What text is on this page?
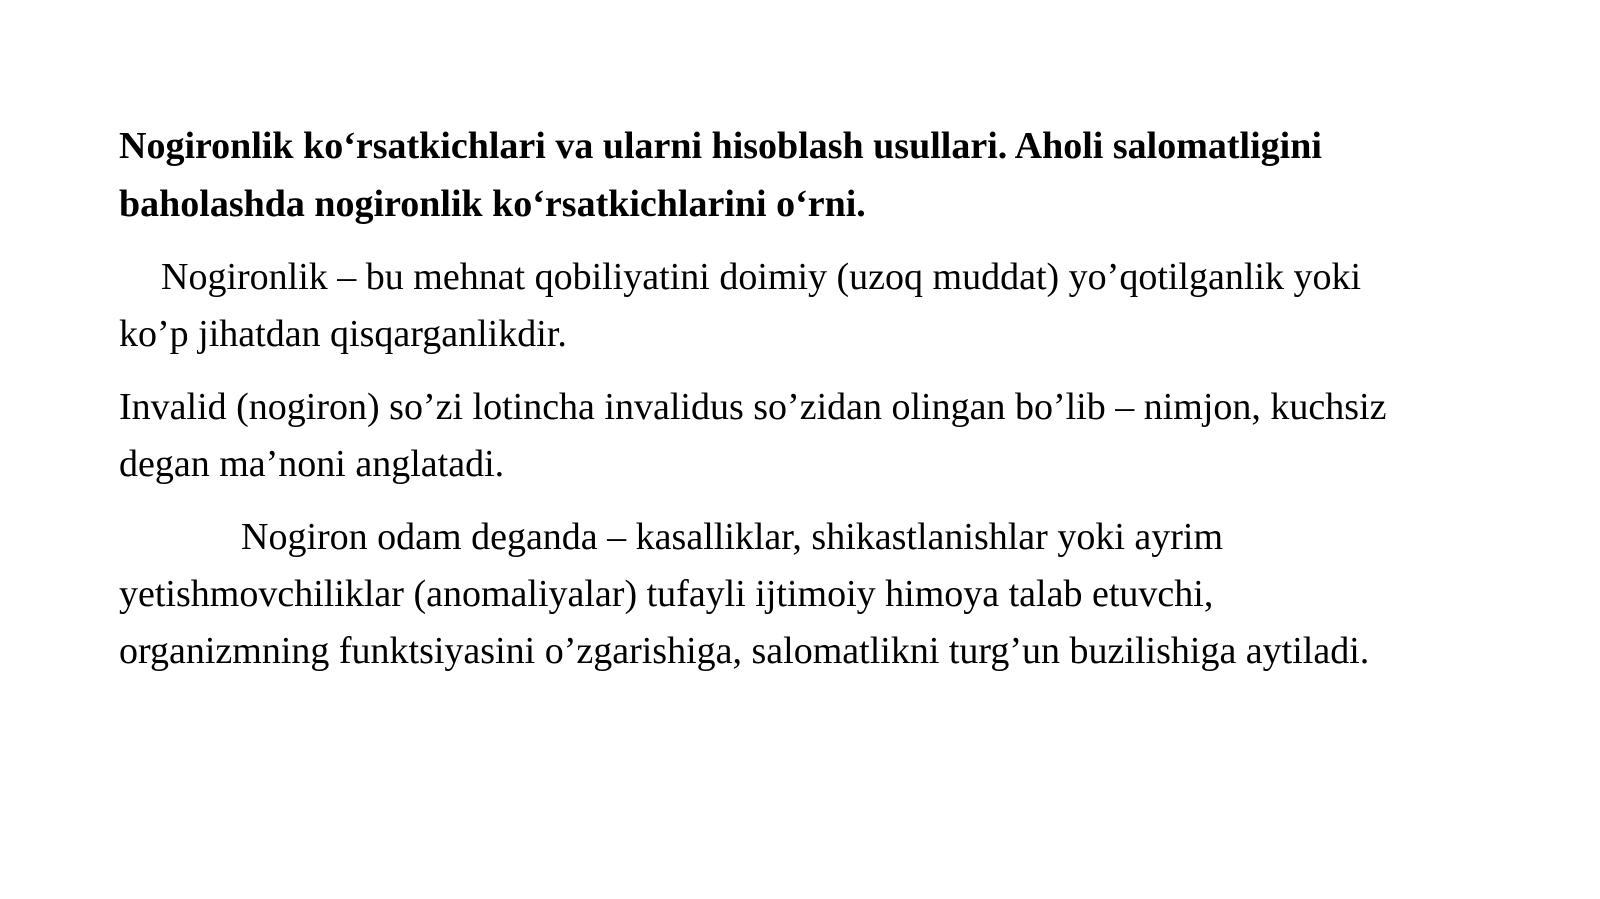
Nogironlik ko‘rsatkichlari va ularni hisoblash usullari. Aholi salomatligini
baholashda nogironlik ko‘rsatkichlarini o‘rni.

Nogironlik – bu mehnat qobiliyatini doimiy (uzoq muddat) yo’qotilganlik yoki
ko’p jihatdan qisqarganlikdir.

Invalid (nogiron) so’zi lotincha invalidus so’zidan olingan bo’lib – nimjon, kuchsiz
degan ma’noni anglatadi.

Nogiron odam deganda – kasalliklar, shikastlanishlar yoki ayrim
yetishmovchiliklar (anomaliyalar) tufayli ijtimoiy himoya talab etuvchi,
organizmning funktsiyasini o’zgarishiga, salomatlikni turg’un buzilishiga aytiladi.
